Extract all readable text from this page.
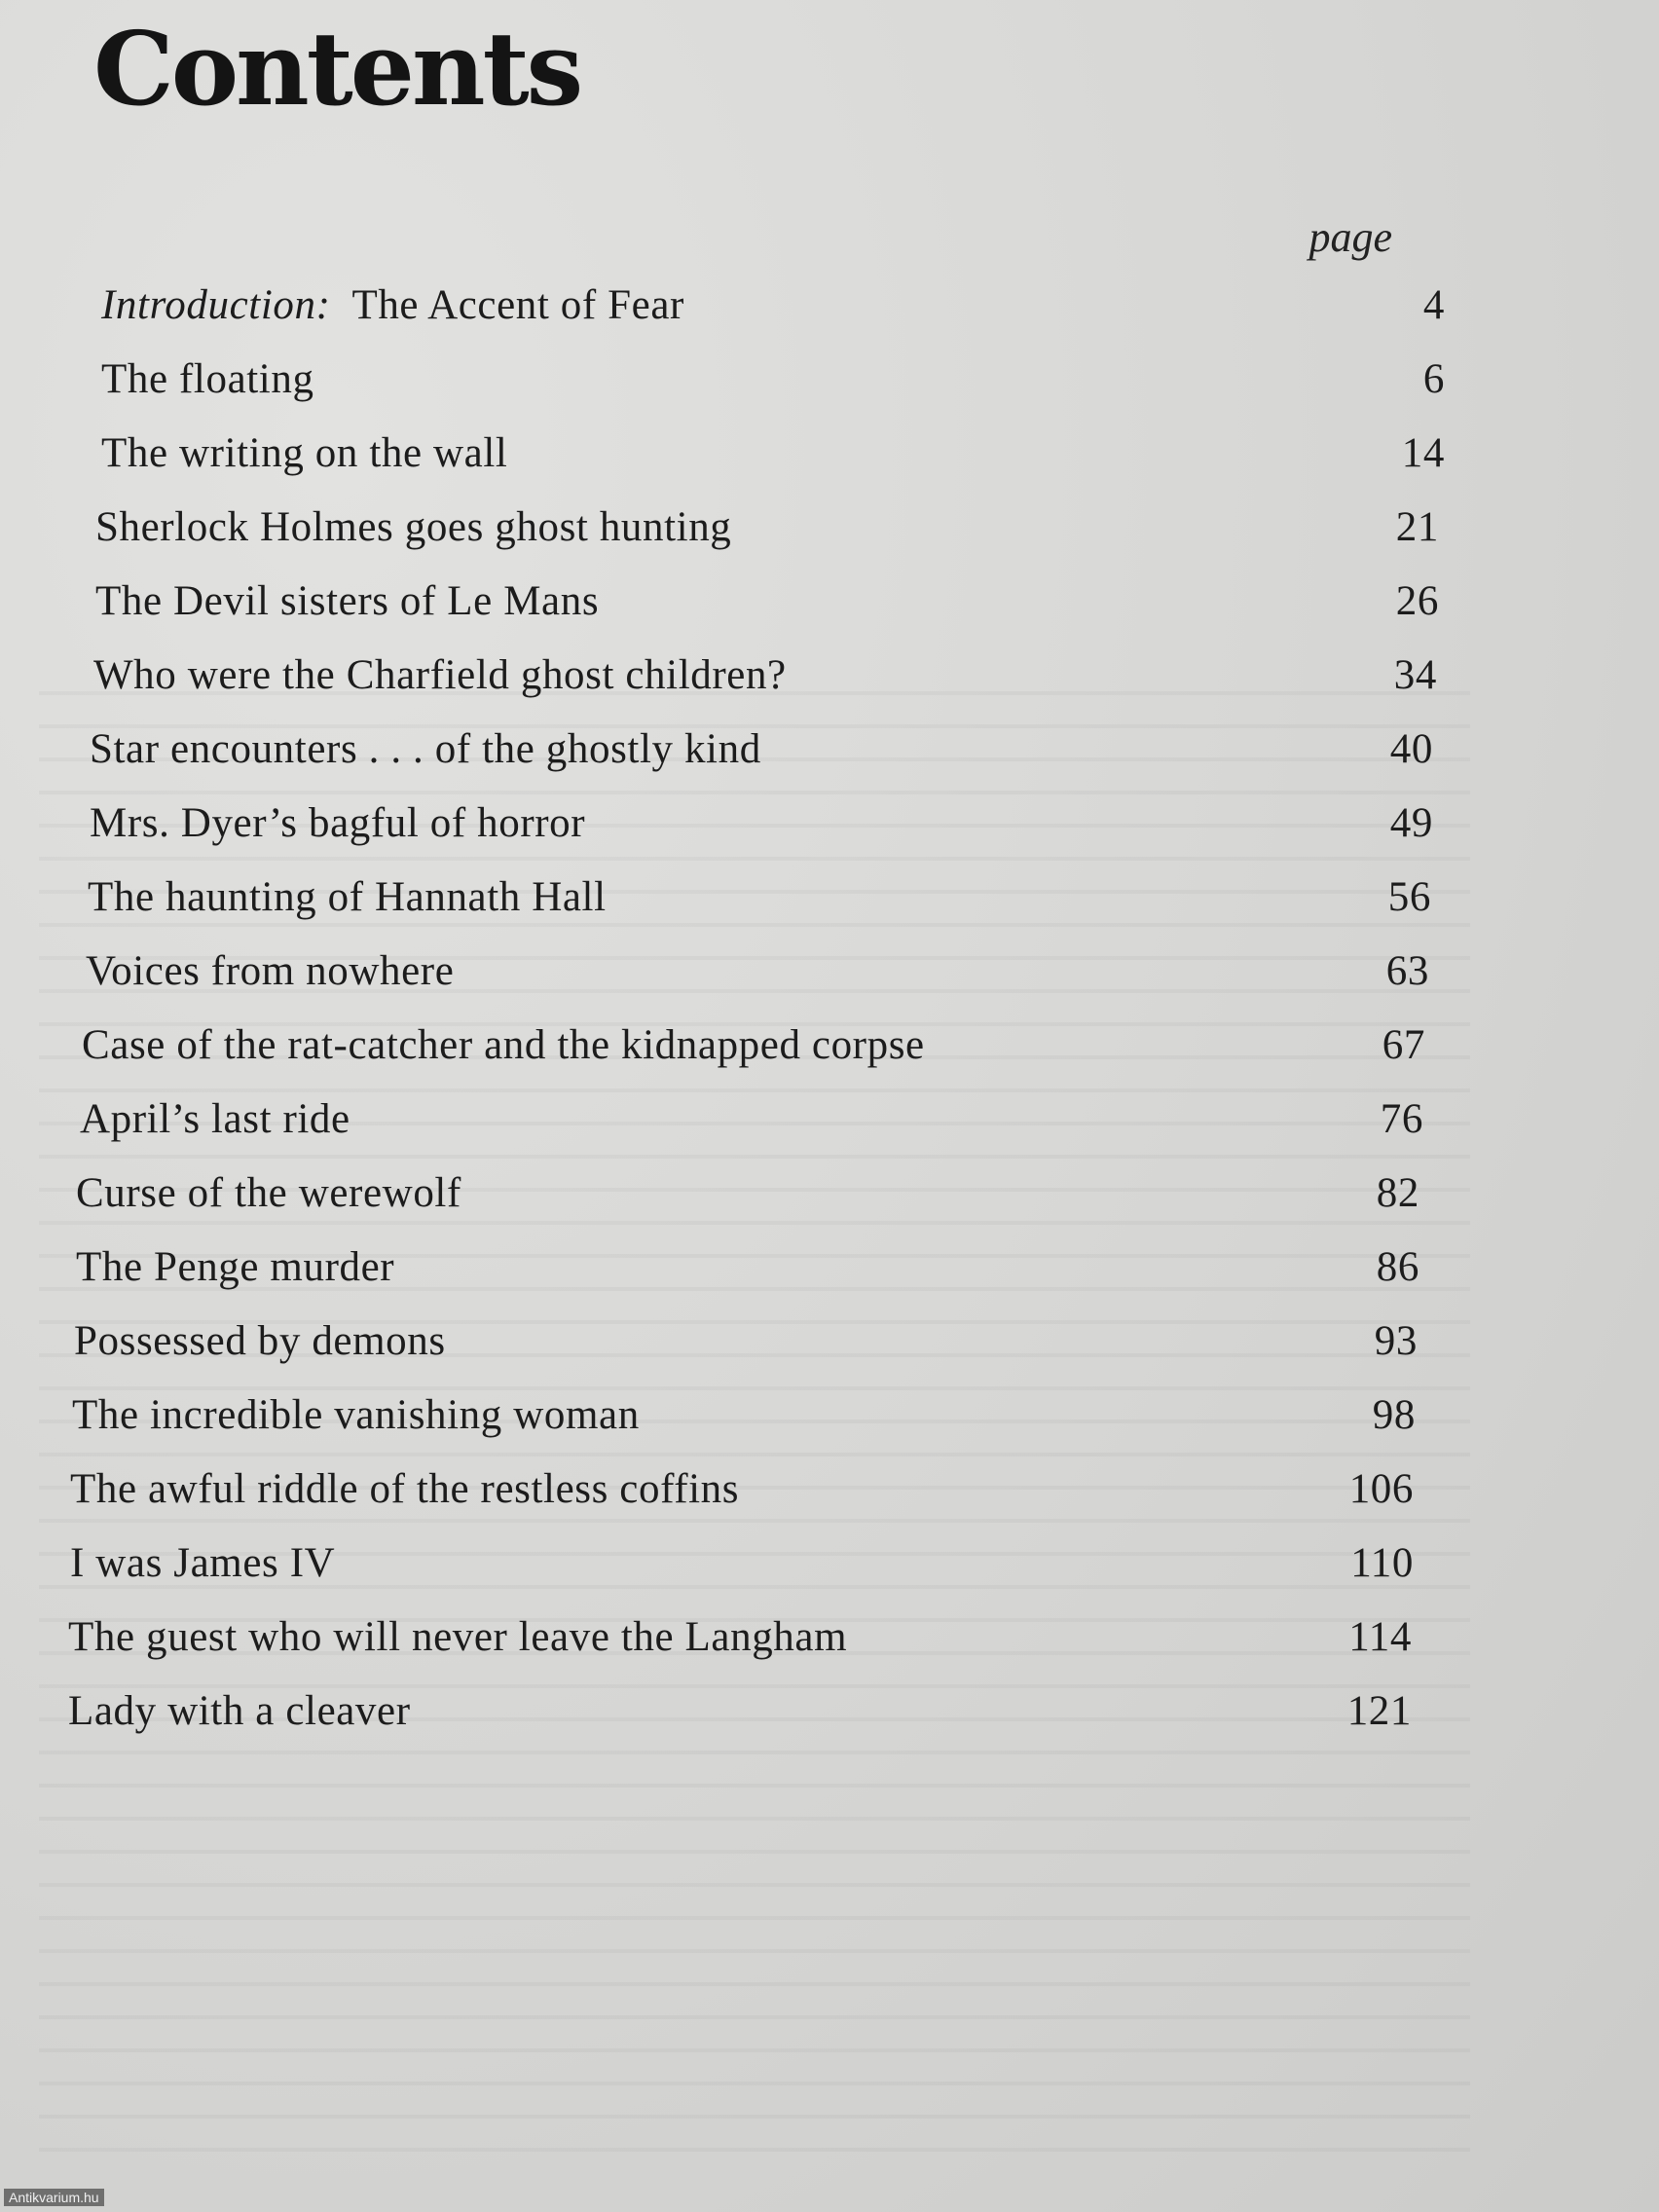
Contents
page
Introduction: The Accent of Fear	4
The floating	6
The writing on the wall	14
Sherlock Holmes goes ghost hunting	21
The Devil sisters of Le Mans	26
Who were the Charfield ghost children?	34
Star encounters . . . of the ghostly kind	40
Mrs. Dyer’s bagful of horror	49
The haunting of Hannath Hall	56
Voices from nowhere	63
Case of the rat-catcher and the kidnapped corpse	67
April’s last ride	76
Curse of the werewolf	82
The Penge murder	86
Possessed by demons	93
The incredible vanishing woman	98
The awful riddle of the restless coffins	106
I was James IV	110
The guest who will never leave the Langham	114
Lady with a cleaver	121
Antikvarium.hu
